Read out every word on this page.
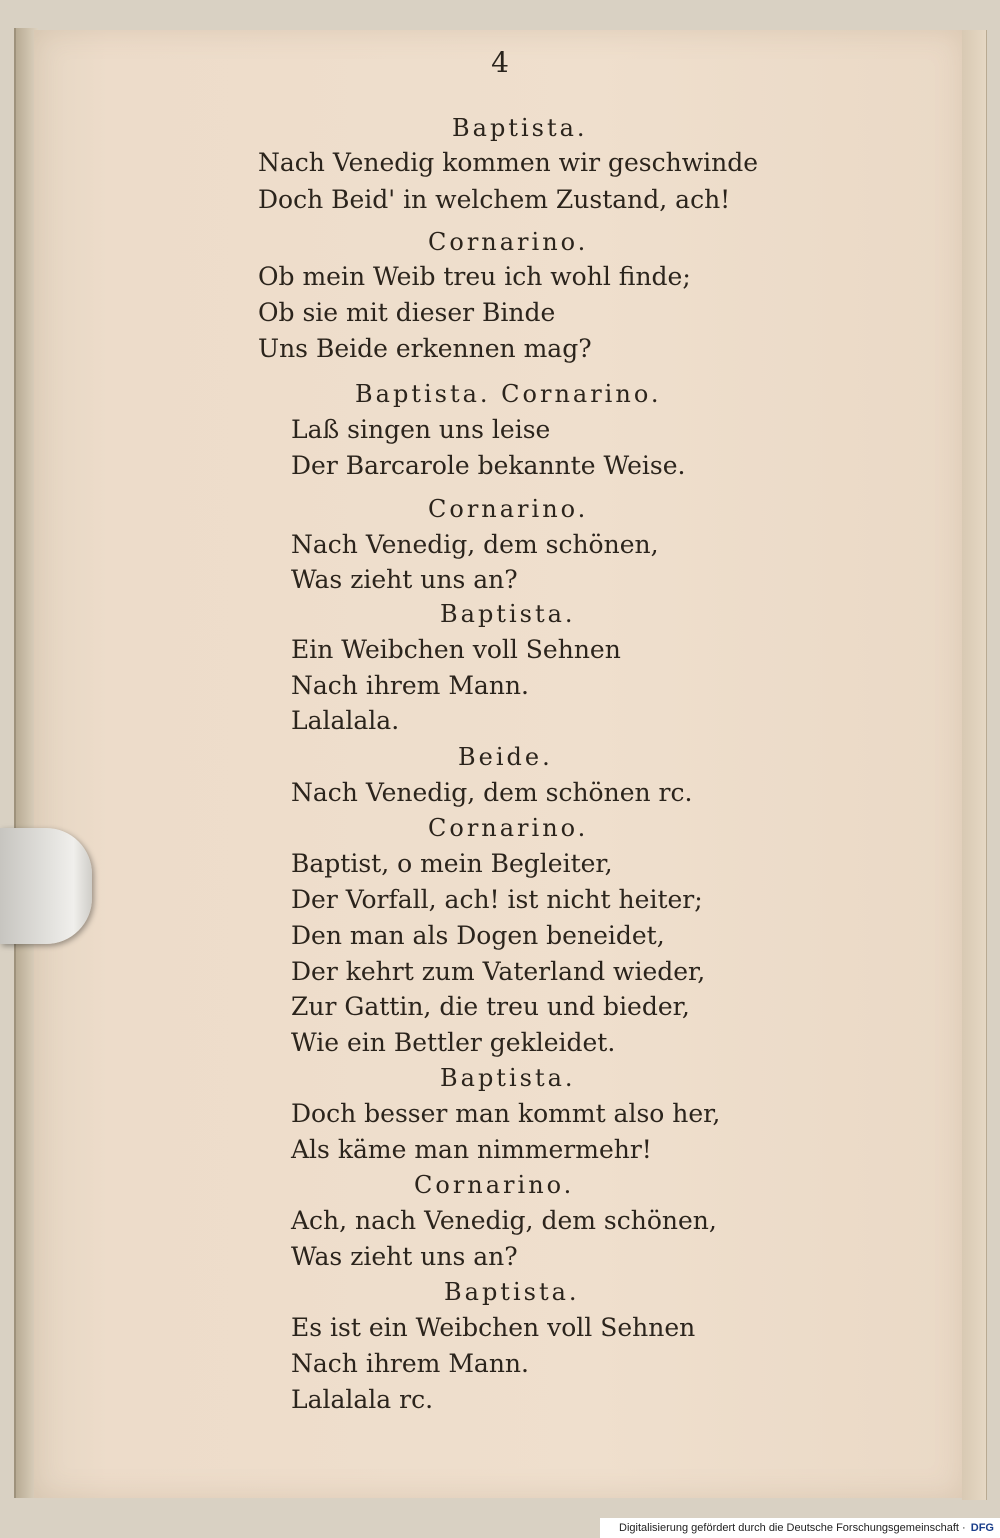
4
Baptista.
Nach Venedig kommen wir geschwinde
Doch Beid' in welchem Zustand, ach!
Cornarino.
Ob mein Weib treu ich wohl finde;
Ob sie mit dieser Binde
Uns Beide erkennen mag?
Baptista. Cornarino.
Laß singen uns leise
Der Barcarole bekannte Weise.
Cornarino.
Nach Venedig, dem schönen,
Was zieht uns an?
Baptista.
Ein Weibchen voll Sehnen
Nach ihrem Mann.
Lalalala.
Beide.
Nach Venedig, dem schönen rc.
Cornarino.
Baptist, o mein Begleiter,
Der Vorfall, ach! ist nicht heiter;
Den man als Dogen beneidet,
Der kehrt zum Vaterland wieder,
Zur Gattin, die treu und bieder,
Wie ein Bettler gekleidet.
Baptista.
Doch besser man kommt also her,
Als käme man nimmermehr!
Cornarino.
Ach, nach Venedig, dem schönen,
Was zieht uns an?
Baptista.
Es ist ein Weibchen voll Sehnen
Nach ihrem Mann.
Lalalala rc.
Digitalisierung gefördert durch die Deutsche Forschungsgemeinschaft · DFG
